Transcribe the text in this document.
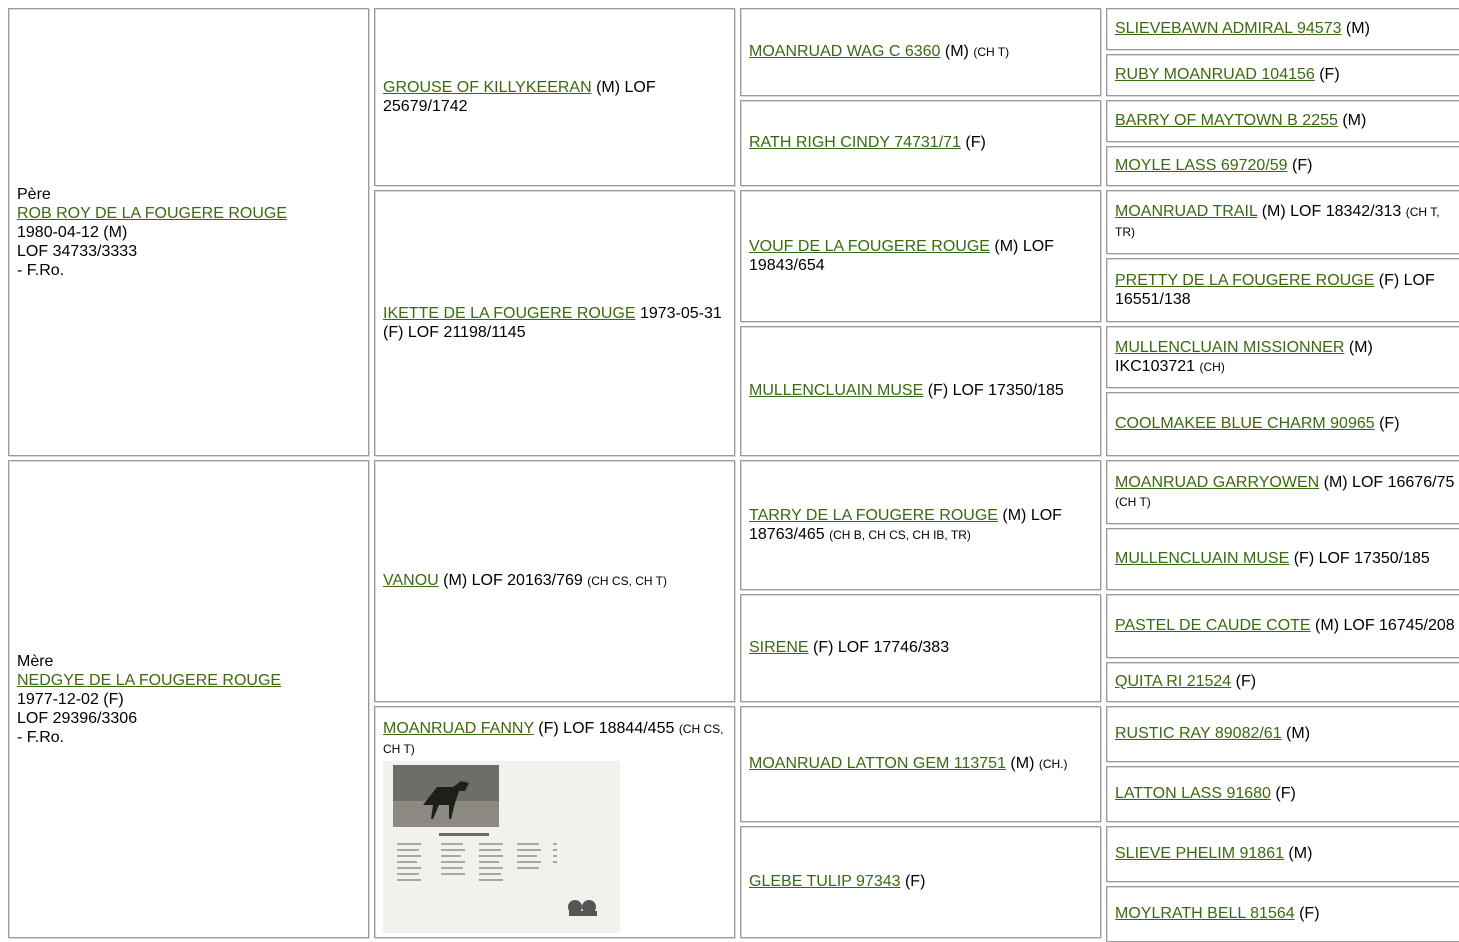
Père
ROB ROY DE LA FOUGERE ROUGE
1980-04-12 (M)
LOF 34733/3333
- F.Ro.
Mère
NEDGYE DE LA FOUGERE ROUGE
1977-12-02 (F)
LOF 29396/3306
- F.Ro.
GROUSE OF KILLYKEERAN (M) LOF 25679/1742
IKETTE DE LA FOUGERE ROUGE 1973-05-31 (F) LOF 21198/1145
VANOU (M) LOF 20163/769 (CH CS, CH T)
MOANRUAD FANNY (F) LOF 18844/455 (CH CS, CH T)
MOANRUAD WAG C 6360 (M) (CH T)
RATH RIGH CINDY 74731/71 (F)
VOUF DE LA FOUGERE ROUGE (M) LOF 19843/654
MULLENCLUAIN MUSE (F) LOF 17350/185
TARRY DE LA FOUGERE ROUGE (M) LOF 18763/465 (CH B, CH CS, CH IB, TR)
SIRENE (F) LOF 17746/383
MOANRUAD LATTON GEM 113751 (M) (CH.)
GLEBE TULIP 97343 (F)
SLIEVEBAWN ADMIRAL 94573 (M)
RUBY MOANRUAD 104156 (F)
BARRY OF MAYTOWN B 2255 (M)
MOYLE LASS 69720/59 (F)
MOANRUAD TRAIL (M) LOF 18342/313 (CH T, TR)
PRETTY DE LA FOUGERE ROUGE (F) LOF 16551/138
MULLENCLUAIN MISSIONNER (M) IKC103721 (CH)
COOLMAKEE BLUE CHARM 90965 (F)
MOANRUAD GARRYOWEN (M) LOF 16676/75 (CH T)
MULLENCLUAIN MUSE (F) LOF 17350/185
PASTEL DE CAUDE COTE (M) LOF 16745/208
QUITA RI 21524 (F)
RUSTIC RAY 89082/61 (M)
LATTON LASS 91680 (F)
SLIEVE PHELIM 91861 (M)
MOYLRATH BELL 81564 (F)
